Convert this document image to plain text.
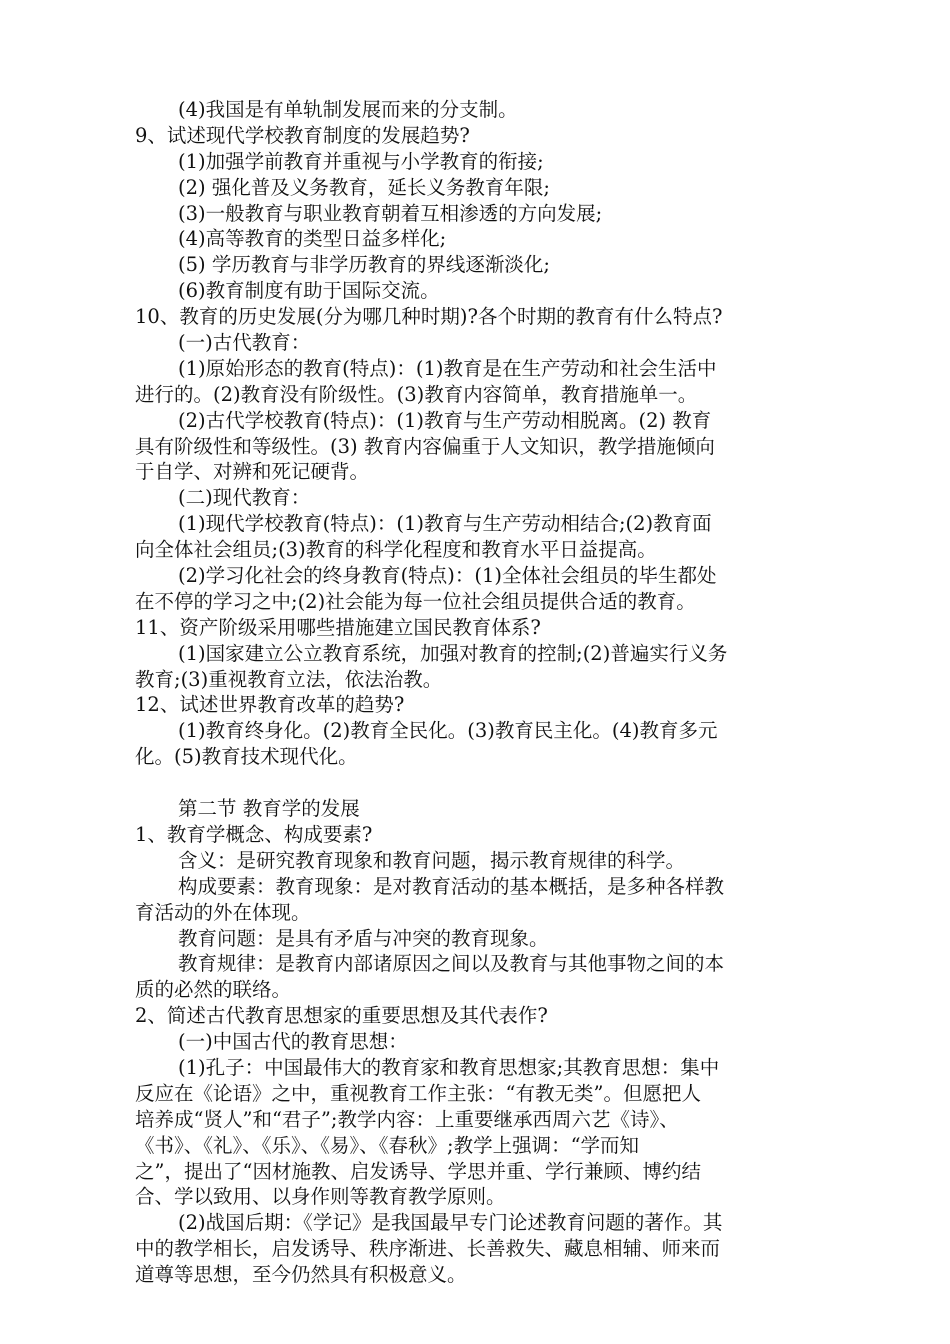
(4)我国是有单轨制发展而来的分支制。
9、试述现代学校教育制度的发展趋势?
(1)加强学前教育并重视与小学教育的衔接;
(2) 强化普及义务教育，延长义务教育年限;
(3)一般教育与职业教育朝着互相渗透的方向发展;
(4)高等教育的类型日益多样化;
(5) 学历教育与非学历教育的界线逐渐淡化;
(6)教育制度有助于国际交流。
10、教育的历史发展(分为哪几种时期)?各个时期的教育有什么特点?
(一)古代教育：
(1)原始形态的教育(特点)：(1)教育是在生产劳动和社会生活中
进行的。(2)教育没有阶级性。(3)教育内容简单，教育措施单一。
(2)古代学校教育(特点)：(1)教育与生产劳动相脱离。(2) 教育
具有阶级性和等级性。(3) 教育内容偏重于人文知识，教学措施倾向
于自学、对辨和死记硬背。
(二)现代教育：
(1)现代学校教育(特点)：(1)教育与生产劳动相结合;(2)教育面
向全体社会组员;(3)教育的科学化程度和教育水平日益提高。
(2)学习化社会的终身教育(特点)：(1)全体社会组员的毕生都处
在不停的学习之中;(2)社会能为每一位社会组员提供合适的教育。
11、资产阶级采用哪些措施建立国民教育体系?
(1)国家建立公立教育系统，加强对教育的控制;(2)普遍实行义务
教育;(3)重视教育立法，依法治教。
12、试述世界教育改革的趋势?
(1)教育终身化。(2)教育全民化。(3)教育民主化。(4)教育多元
化。(5)教育技术现代化。
第二节 教育学的发展
1、教育学概念、构成要素?
含义：是研究教育现象和教育问题，揭示教育规律的科学。
构成要素：教育现象：是对教育活动的基本概括，是多种各样教
育活动的外在体现。
教育问题：是具有矛盾与冲突的教育现象。
教育规律：是教育内部诸原因之间以及教育与其他事物之间的本
质的必然的联络。
2、简述古代教育思想家的重要思想及其代表作?
(一)中国古代的教育思想：
(1)孔子：中国最伟大的教育家和教育思想家;其教育思想：集中
反应在《论语》之中，重视教育工作主张：“有教无类”。但愿把人
培养成“贤人”和“君子”;教学内容：上重要继承西周六艺《诗》、
《书》、《礼》、《乐》、《易》、《春秋》;教学上强调：“学而知
之”，提出了“因材施教、启发诱导、学思并重、学行兼顾、博约结
合、学以致用、以身作则等教育教学原则。
(2)战国后期：《学记》是我国最早专门论述教育问题的著作。其
中的教学相长，启发诱导、秩序渐进、长善救失、藏息相辅、师来而
道尊等思想，至今仍然具有积极意义。
